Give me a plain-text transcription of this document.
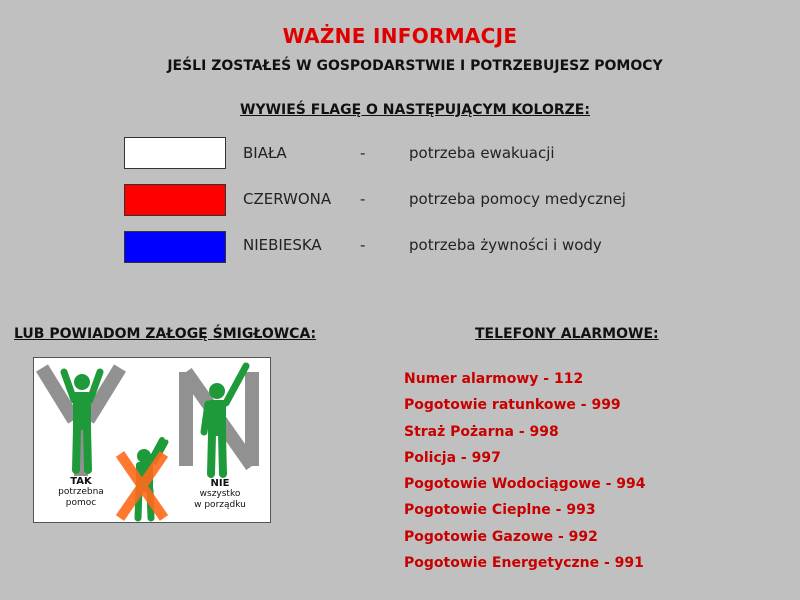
WAŻNE INFORMACJE
JEŚLI ZOSTAŁEŚ W GOSPODARSTWIE I POTRZEBUJESZ POMOCY
WYWIEŚ FLAGĘ O NASTĘPUJĄCYM KOLORZE:
BIAŁA	-	potrzeba ewakuacji
CZERWONA -	potrzeba pomocy medycznej
NIEBIESKA	-	potrzeba żywności i wody
LUB POWIADOM ZAŁOGĘ ŚMIGŁOWCA:	TELEFONY ALARMOWE:
TAK
potrzebna
pomoc
NIE
wszystko
w porządku
Numer alarmowy - 112
Pogotowie ratunkowe - 999
Straż Pożarna - 998
Policja - 997
Pogotowie Wodociągowe - 994
Pogotowie Cieplne - 993
Pogotowie Gazowe - 992
Pogotowie Energetyczne - 991
